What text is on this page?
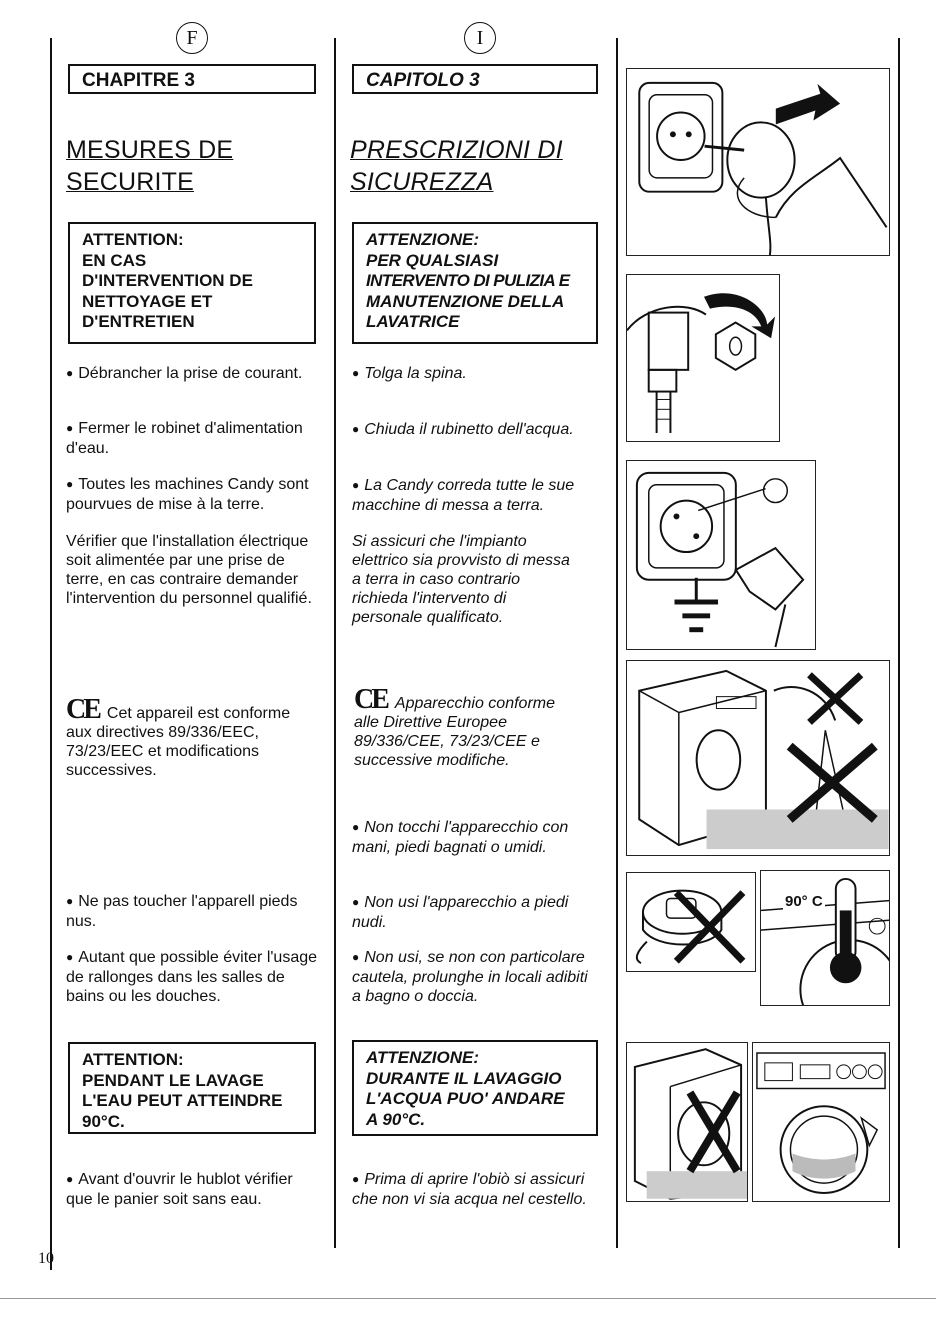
F
CHAPITRE 3
MESURES DE
SECURITE
ATTENTION:
EN CAS
D'INTERVENTION DE
NETTOYAGE ET
D'ENTRETIEN
● Débrancher la prise de courant.
● Fermer le robinet d'alimentation d'eau.
● Toutes les machines Candy sont pourvues de mise à la terre.
Vérifier que l'installation électrique soit alimentée par une prise de terre, en cas contraire demander l'intervention du personnel qualifié.
CE Cet appareil est conforme aux directives 89/336/EEC, 73/23/EEC et modifications successives.
● Ne pas toucher l'apparell pieds nus.
● Autant que possible éviter l'usage de rallonges dans les salles de bains ou les douches.
ATTENTION:
PENDANT LE LAVAGE
L'EAU PEUT ATTEINDRE
90°C.
● Avant d'ouvrir le hublot vérifier que le panier soit sans eau.
I
CAPITOLO 3
PRESCRIZIONI DI
SICUREZZA
ATTENZIONE:
PER QUALSIASI
INTERVENTO DI PULIZIA E
MANUTENZIONE DELLA
LAVATRICE
● Tolga la spina.
● Chiuda il rubinetto dell'acqua.
● La Candy correda tutte le sue macchine di messa a terra.
Si assicuri che l'impianto elettrico sia provvisto di messa a terra in caso contrario richieda l'intervento di personale qualificato.
CE Apparecchio conforme alle Direttive Europee 89/336/CEE, 73/23/CEE e successive modifiche.
● Non tocchi l'apparecchio con mani, piedi bagnati o umidi.
● Non usi l'apparecchio a piedi nudi.
● Non usi, se non con particolare cautela, prolunghe in locali adibiti a bagno o doccia.
ATTENZIONE:
DURANTE IL LAVAGGIO
L'ACQUA PUO' ANDARE
A 90°C.
● Prima di aprire l'obiò si assicuri che non vi sia acqua nel cestello.
90° C
10
